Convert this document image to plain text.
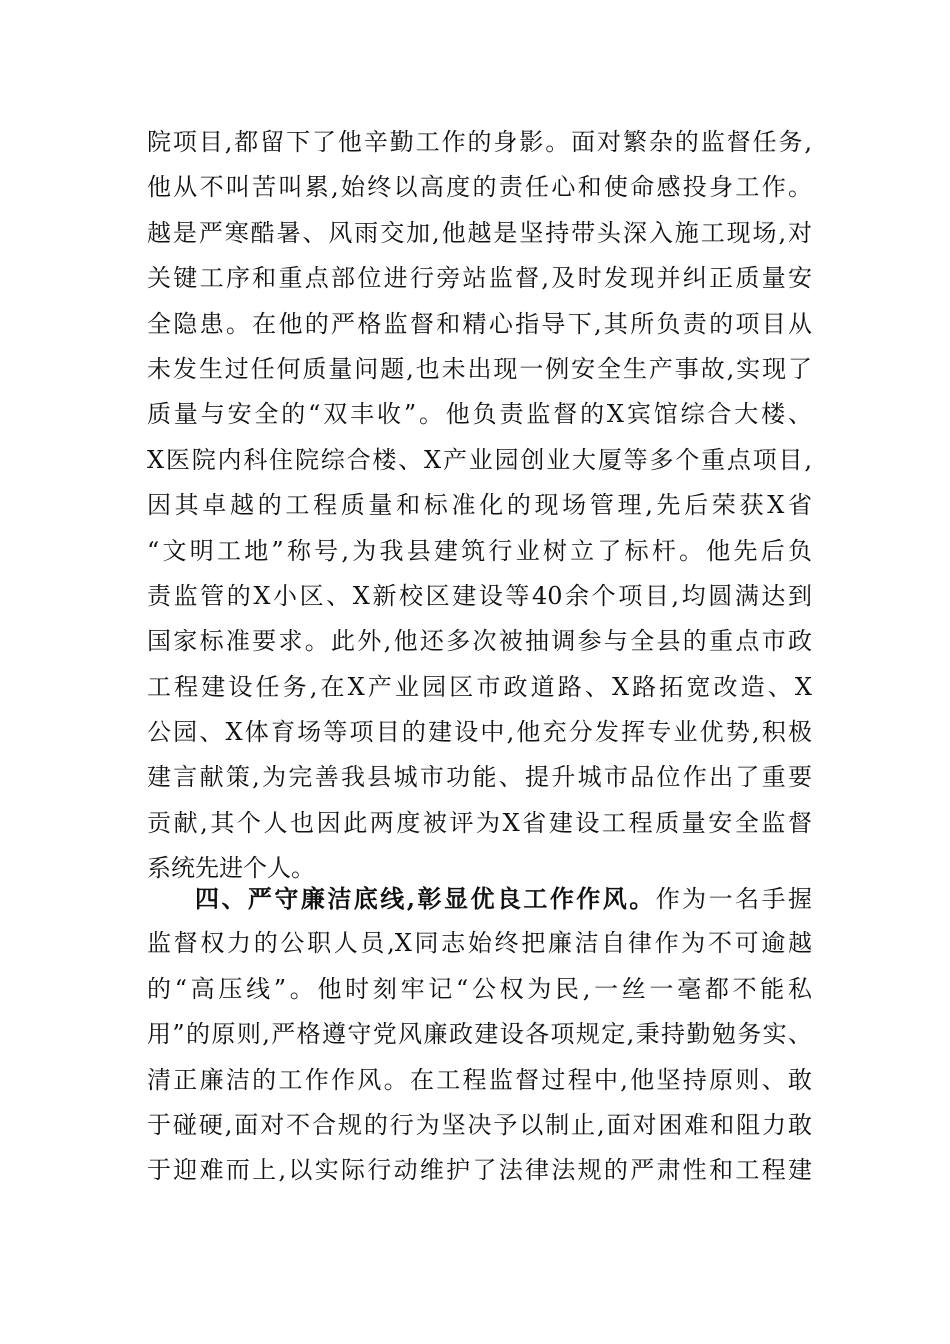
院项目,都留下了他辛勤工作的身影。面对繁杂的监督任务,
他从不叫苦叫累,始终以高度的责任心和使命感投身工作。
越是严寒酷暑、风雨交加,他越是坚持带头深入施工现场,对
关键工序和重点部位进行旁站监督,及时发现并纠正质量安
全隐患。在他的严格监督和精心指导下,其所负责的项目从
未发生过任何质量问题,也未出现一例安全生产事故,实现了
质量与安全的“双丰收”。他负责监督的X宾馆综合大楼、
X医院内科住院综合楼、X产业园创业大厦等多个重点项目,
因其卓越的工程质量和标准化的现场管理,先后荣获X省
“文明工地”称号,为我县建筑行业树立了标杆。他先后负
责监管的X小区、X新校区建设等40余个项目,均圆满达到
国家标准要求。此外,他还多次被抽调参与全县的重点市政
工程建设任务,在X产业园区市政道路、X路拓宽改造、X
公园、X体育场等项目的建设中,他充分发挥专业优势,积极
建言献策,为完善我县城市功能、提升城市品位作出了重要
贡献,其个人也因此两度被评为X省建设工程质量安全监督
系统先进个人。
四、严守廉洁底线,彰显优良工作作风。作为一名手握
监督权力的公职人员,X同志始终把廉洁自律作为不可逾越
的“高压线”。他时刻牢记“公权为民,一丝一毫都不能私
用”的原则,严格遵守党风廉政建设各项规定,秉持勤勉务实、
清正廉洁的工作作风。在工程监督过程中,他坚持原则、敢
于碰硬,面对不合规的行为坚决予以制止,面对困难和阻力敢
于迎难而上,以实际行动维护了法律法规的严肃性和工程建
